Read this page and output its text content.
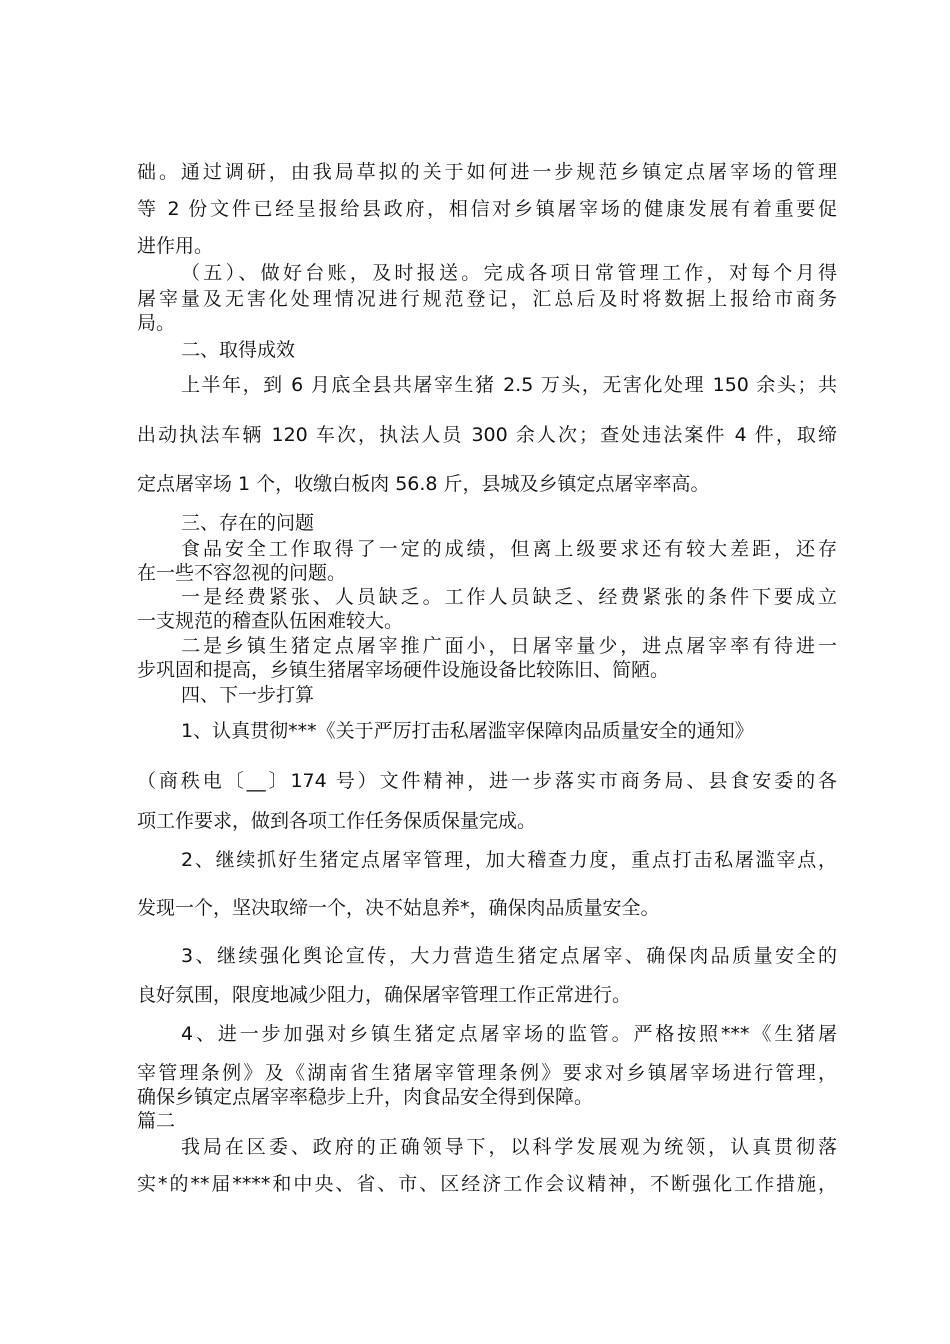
础。通过调研，由我局草拟的关于如何进一步规范乡镇定点屠宰场的管理
等 2 份文件已经呈报给县政府，相信对乡镇屠宰场的健康发展有着重要促
进作用。
（五）、做好台账，及时报送。完成各项日常管理工作，对每个月得
屠宰量及无害化处理情况进行规范登记，汇总后及时将数据上报给市商务
局。
二、取得成效
上半年，到 6 月底全县共屠宰生猪 2.5 万头，无害化处理 150 余头；共
出动执法车辆 120 车次，执法人员 300 余人次；查处违法案件 4 件，取缔
定点屠宰场 1 个，收缴白板肉 56.8 斤，县城及乡镇定点屠宰率高。
三、存在的问题
食品安全工作取得了一定的成绩，但离上级要求还有较大差距，还存
在一些不容忽视的问题。
一是经费紧张、人员缺乏。工作人员缺乏、经费紧张的条件下要成立
一支规范的稽查队伍困难较大。
二是乡镇生猪定点屠宰推广面小，日屠宰量少，进点屠宰率有待进一
步巩固和提高，乡镇生猪屠宰场硬件设施设备比较陈旧、简陋。
四、下一步打算
1、认真贯彻***《关于严厉打击私屠滥宰保障肉品质量安全的通知》
（商秩电〔__〕174 号）文件精神，进一步落实市商务局、县食安委的各
项工作要求，做到各项工作任务保质保量完成。
2、继续抓好生猪定点屠宰管理，加大稽查力度，重点打击私屠滥宰点，
发现一个，坚决取缔一个，决不姑息养*，确保肉品质量安全。
3、继续强化舆论宣传，大力营造生猪定点屠宰、确保肉品质量安全的
良好氛围，限度地减少阻力，确保屠宰管理工作正常进行。
4、进一步加强对乡镇生猪定点屠宰场的监管。严格按照***《生猪屠
宰管理条例》及《湖南省生猪屠宰管理条例》要求对乡镇屠宰场进行管理，
确保乡镇定点屠宰率稳步上升，肉食品安全得到保障。
篇二
我局在区委、政府的正确领导下，以科学发展观为统领，认真贯彻落
实*的**届****和中央、省、市、区经济工作会议精神，不断强化工作措施，
